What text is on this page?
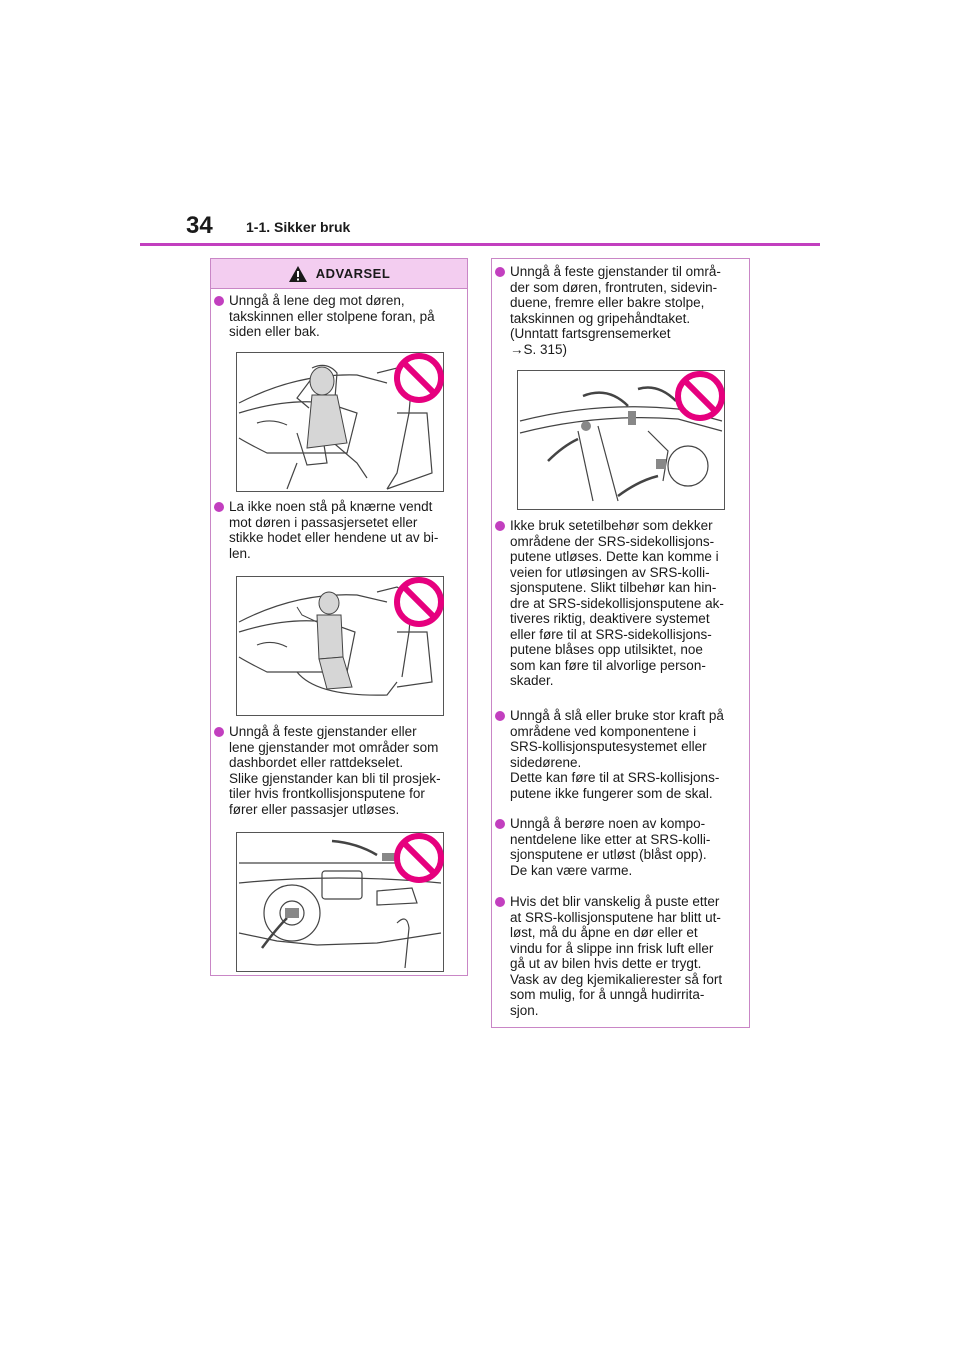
34 1-1. Sikker bruk
ADVARSEL
Unngå å lene deg mot døren,
takskinnen eller stolpene foran, på
siden eller bak.
La ikke noen stå på knærne vendt
mot døren i passasjersetet eller
stikke hodet eller hendene ut av bi-
len.
Unngå å feste gjenstander eller
lene gjenstander mot områder som
dashbordet eller rattdekselet.
Slike gjenstander kan bli til prosjek-
tiler hvis frontkollisjonsputene for
fører eller passasjer utløses.
Unngå å feste gjenstander til områ-
der som døren, frontruten, sidevin-
duene, fremre eller bakre stolpe,
takskinnen og gripehåndtaket.
(Unntatt fartsgrensemerket
→S. 315)
Ikke bruk setetilbehør som dekker
områdene der SRS-sidekollisjons-
putene utløses. Dette kan komme i
veien for utløsingen av SRS-kolli-
sjonsputene. Slikt tilbehør kan hin-
dre at SRS-sidekollisjonsputene ak-
tiveres riktig, deaktivere systemet
eller føre til at SRS-sidekollisjons-
putene blåses opp utilsiktet, noe
som kan føre til alvorlige person-
skader.
Unngå å slå eller bruke stor kraft på
områdene ved komponentene i
SRS-kollisjonsputesystemet eller
sidedørene.
Dette kan føre til at SRS-kollisjons-
putene ikke fungerer som de skal.
Unngå å berøre noen av kompo-
nentdelene like etter at SRS-kolli-
sjonsputene er utløst (blåst opp).
De kan være varme.
Hvis det blir vanskelig å puste etter
at SRS-kollisjonsputene har blitt ut-
løst, må du åpne en dør eller et
vindu for å slippe inn frisk luft eller
gå ut av bilen hvis dette er trygt.
Vask av deg kjemikalierester så fort
som mulig, for å unngå hudirrita-
sjon.
